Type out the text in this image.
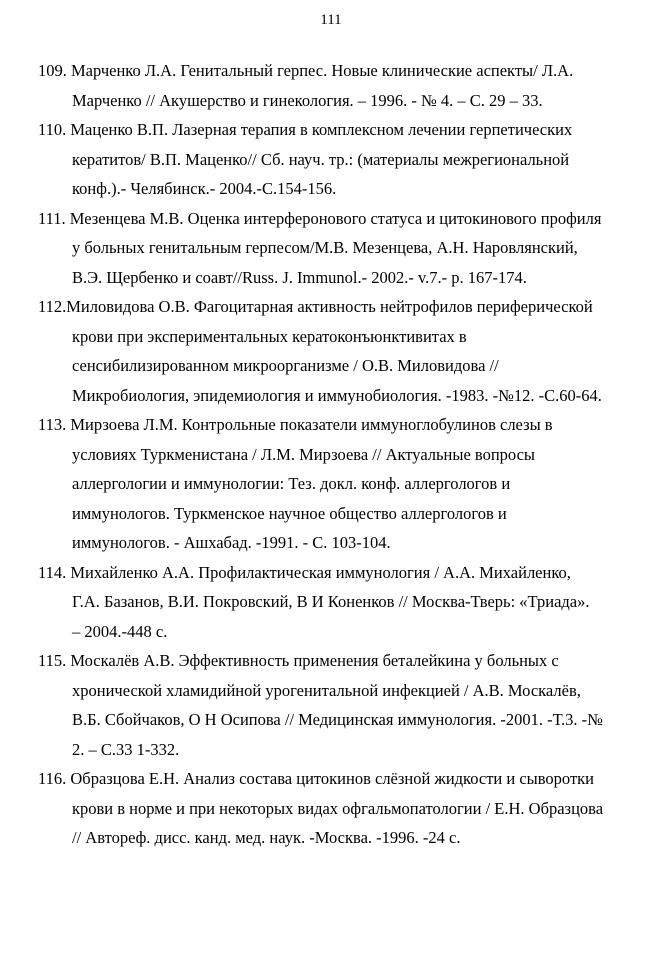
111
109. Марченко Л.А. Генитальный герпес. Новые клинические аспекты/ Л.А.
Марченко // Акушерство и гинекология. – 1996. - № 4. – С. 29 – 33.
110. Маценко В.П. Лазерная терапия в комплексном лечении герпетических
кератитов/ В.П. Маценко// Сб. науч. тр.: (материалы межрегиональной
конф.).- Челябинск.- 2004.-С.154-156.
111. Мезенцева М.В. Оценка интерферонового статуса и цитокинового профиля
у больных генитальным герпесом/М.В. Мезенцева, А.Н. Наровлянский,
В.Э. Щербенко и соавт//Russ. J. Immunol.- 2002.- v.7.- p. 167-174.
112.Миловидова О.В. Фагоцитарная активность нейтрофилов периферической
крови при экспериментальных кератоконъюнктивитах в
сенсибилизированном микроорганизме / О.В. Миловидова //
Микробиология, эпидемиология и иммунобиология. -1983. -№12. -С.60-64.
113. Мирзоева Л.М. Контрольные показатели иммуноглобулинов слезы в
условиях Туркменистана / Л.М. Мирзоева // Актуальные вопросы
аллергологии и иммунологии: Тез. докл. конф. аллергологов и
иммунологов. Туркменское научное общество аллергологов и
иммунологов. - Ашхабад. -1991. - С. 103-104.
114. Михайленко А.А. Профилактическая иммунология / А.А. Михайленко,
Г.А. Базанов, В.И. Покровский, В И Коненков // Москва-Тверь: «Триада».
– 2004.-448 с.
115. Москалёв А.В. Эффективность применения беталейкина у больных с
хронической хламидийной урогенитальной инфекцией / А.В. Москалёв,
В.Б. Сбойчаков, О Н Осипова // Медицинская иммунология. -2001. -Т.3. -№
2. – С.33 1-332.
116. Образцова Е.Н. Анализ состава цитокинов слёзной жидкости и сыворотки
крови в норме и при некоторых видах офгальмопатологии / Е.Н. Образцова
// Автореф. дисс. канд. мед. наук. -Москва. -1996. -24 с.
